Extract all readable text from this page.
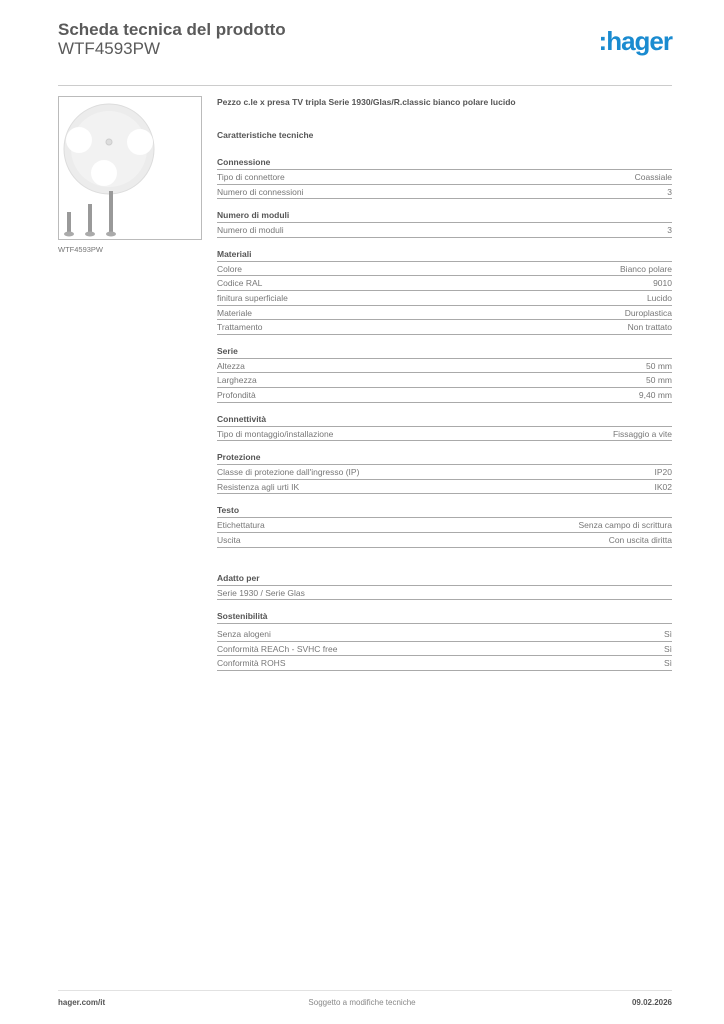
Scheda tecnica del prodotto
WTF4593PW	:hager
WTF4593PW
Pezzo c.le x presa TV tripla Serie 1930/Glas/R.classic bianco polare lucido
Caratteristiche tecniche
Connessione
Tipo di connettore	Coassiale
Numero di connessioni	3
Numero di moduli
Numero di moduli	3
Materiali
Colore	Bianco polare
Codice RAL	9010
finitura superficiale	Lucido
Materiale	Duroplastica
Trattamento	Non trattato
Serie
Altezza	50 mm
Larghezza	50 mm
Profondità	9,40 mm
Connettività
Tipo di montaggio/installazione	Fissaggio a vite
Protezione
Classe di protezione dall'ingresso (IP)	IP20
Resistenza agli urti IK	IK02
Testo
Etichettatura	Senza campo di scrittura
Uscita	Con uscita diritta
Adatto per
Serie 1930 / Serie Glas
Sostenibilità
Senza alogeni	Sì
Conformità REACh - SVHC free	Sì
Conformità ROHS	Sì
Soggetto a modifiche tecniche
hager.com/it	09.02.2026
